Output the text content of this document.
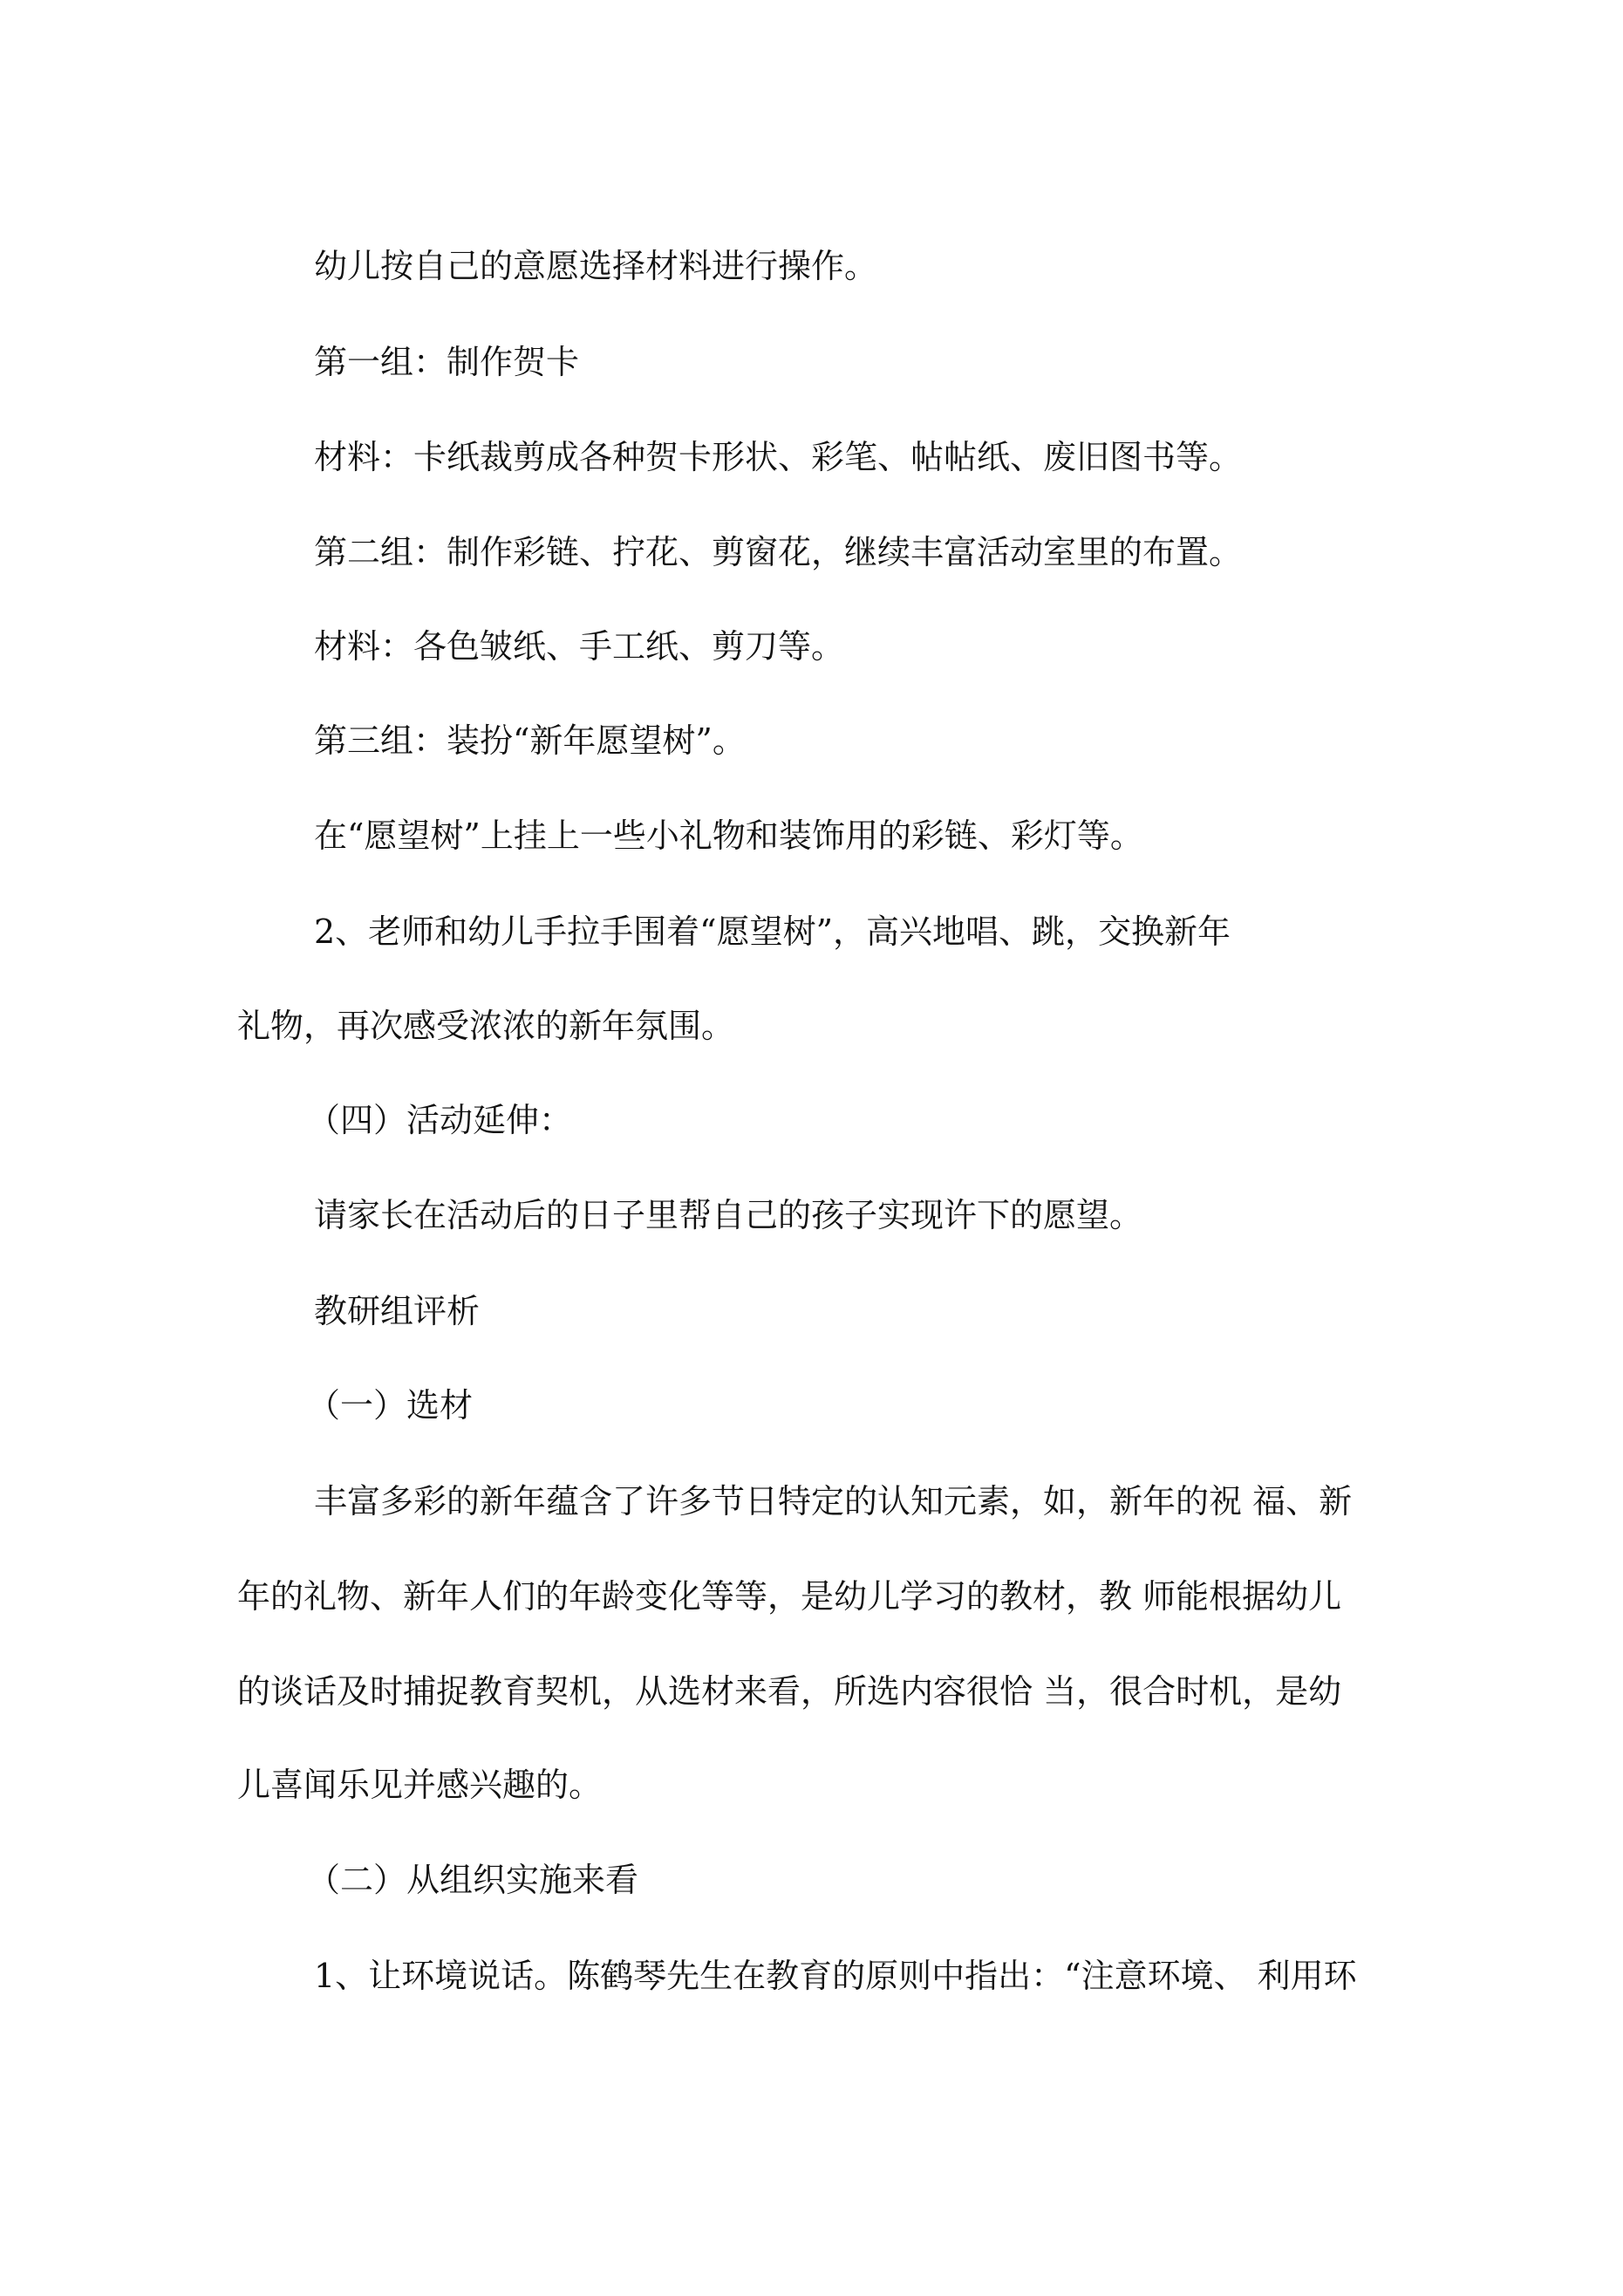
幼儿按自己的意愿选择材料进行操作。
第一组：制作贺卡
材料：卡纸裁剪成各种贺卡形状、彩笔、帖帖纸、废旧图书等。
第二组：制作彩链、拧花、剪窗花，继续丰富活动室里的布置。
材料：各色皱纸、手工纸、剪刀等。
第三组：装扮“新年愿望树”。
在“愿望树”上挂上一些小礼物和装饰用的彩链、彩灯等。
2、老师和幼儿手拉手围着“愿望树”，高兴地唱、跳，交换新年
礼物，再次感受浓浓的新年氛围。
（四）活动延伸：
请家长在活动后的日子里帮自己的孩子实现许下的愿望。
教研组评析
（一）选材
丰富多彩的新年蕴含了许多节日特定的认知元素，如，新年的祝 福、新
年的礼物、新年人们的年龄变化等等，是幼儿学习的教材，教 师能根据幼儿
的谈话及时捕捉教育契机，从选材来看，所选内容很恰 当，很合时机，是幼
儿喜闻乐见并感兴趣的。
（二）从组织实施来看
1、让环境说话。陈鹤琴先生在教育的原则中指出：“注意环境、 利用环
